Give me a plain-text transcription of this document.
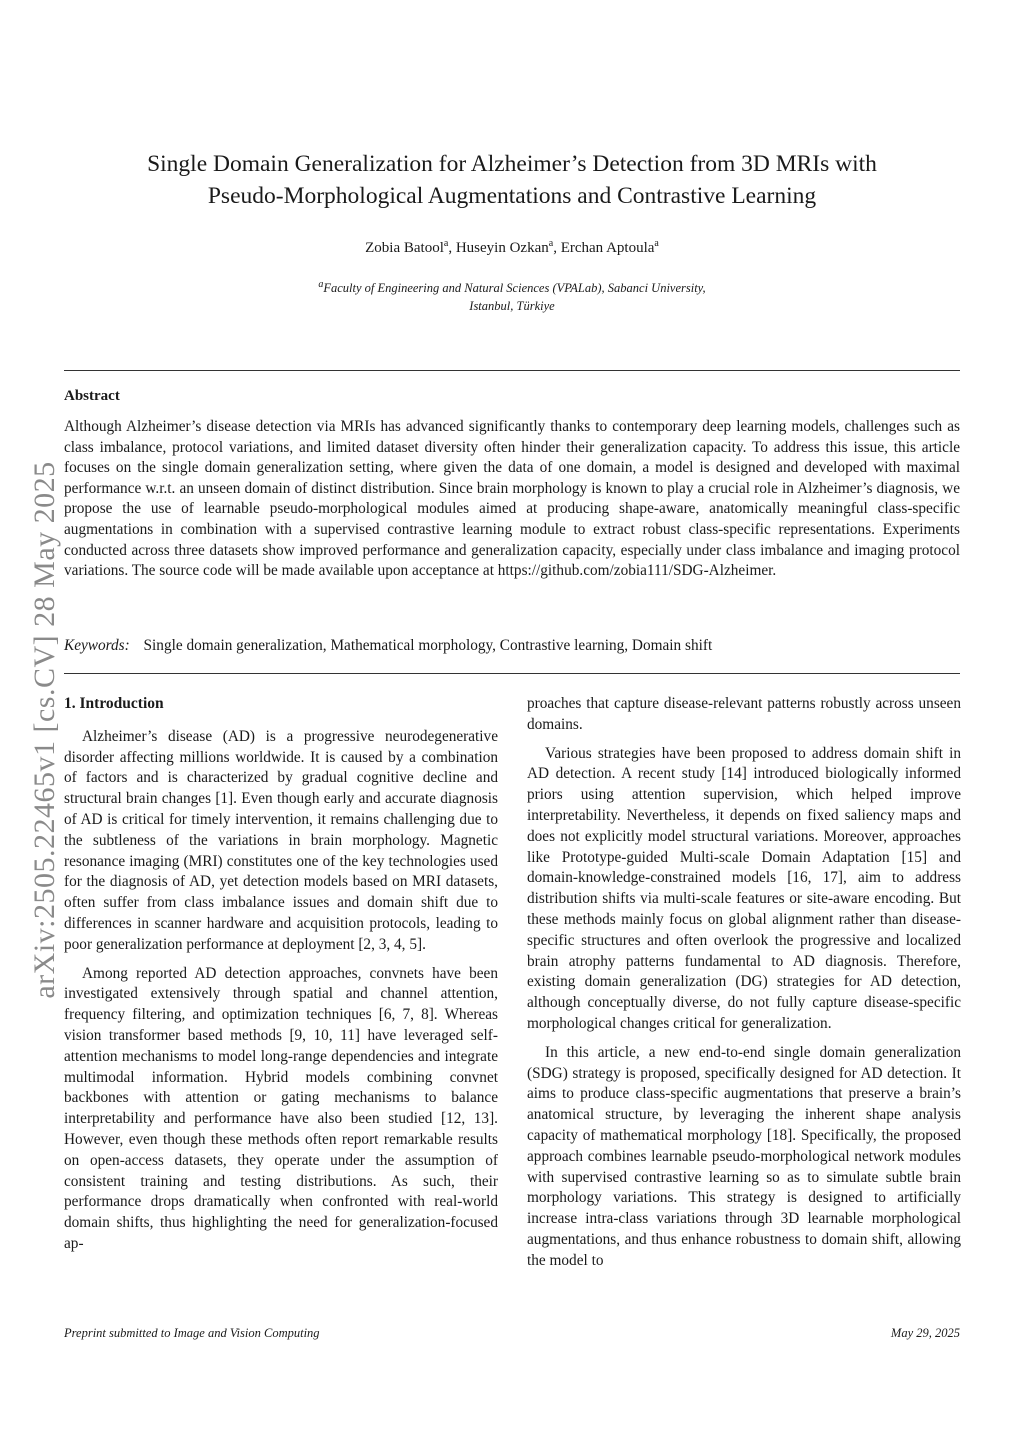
arXiv:2505.22465v1 [cs.CV] 28 May 2025
Single Domain Generalization for Alzheimer’s Detection from 3D MRIs with
Pseudo-Morphological Augmentations and Contrastive Learning
Zobia Batool$^a$, Huseyin Ozkan$^a$, Erchan Aptoula$^a$
$^a$Faculty of Engineering and Natural Sciences (VPALab), Sabanci University,
Istanbul, Türkiye
Abstract
Although Alzheimer’s disease detection via MRIs has advanced significantly thanks to contemporary deep learning models, challenges such as class imbalance, protocol variations, and limited dataset diversity often hinder their generalization capacity. To address this issue, this article focuses on the single domain generalization setting, where given the data of one domain, a model is designed and developed with maximal performance w.r.t. an unseen domain of distinct distribution. Since brain morphology is known to play a crucial role in Alzheimer’s diagnosis, we propose the use of learnable pseudo-morphological modules aimed at producing shape-aware, anatomically meaningful class-specific augmentations in combination with a supervised contrastive learning module to extract robust class-specific representations. Experiments conducted across three datasets show improved performance and generalization capacity, especially under class imbalance and imaging protocol variations. The source code will be made available upon acceptance at https://github.com/zobia111/SDG-Alzheimer.
Keywords: Single domain generalization, Mathematical morphology, Contrastive learning, Domain shift
1. Introduction

Alzheimer’s disease (AD) is a progressive neurodegenerative disorder affecting millions worldwide. It is caused by a combination of factors and is characterized by gradual cognitive decline and structural brain changes [1]. Even though early and accurate diagnosis of AD is critical for timely intervention, it remains challenging due to the subtleness of the variations in brain morphology. Magnetic resonance imaging (MRI) constitutes one of the key technologies used for the diagnosis of AD, yet detection models based on MRI datasets, often suffer from class imbalance issues and domain shift due to differences in scanner hardware and acquisition protocols, leading to poor generalization performance at deployment [2, 3, 4, 5].

Among reported AD detection approaches, convnets have been investigated extensively through spatial and channel attention, frequency filtering, and optimization techniques [6, 7, 8]. Whereas vision transformer based methods [9, 10, 11] have leveraged self-attention mechanisms to model long-range dependencies and integrate multimodal information. Hybrid models combining convnet backbones with attention or gating mechanisms to balance interpretability and performance have also been studied [12, 13]. However, even though these methods often report remarkable results on open-access datasets, they operate under the assumption of consistent training and testing distributions. As such, their performance drops dramatically when confronted with real-world domain shifts, thus highlighting the need for generalization-focused ap-

proaches that capture disease-relevant patterns robustly across unseen domains.

Various strategies have been proposed to address domain shift in AD detection. A recent study [14] introduced biologically informed priors using attention supervision, which helped improve interpretability. Nevertheless, it depends on fixed saliency maps and does not explicitly model structural variations. Moreover, approaches like Prototype-guided Multi-scale Domain Adaptation [15] and domain-knowledge-constrained models [16, 17], aim to address distribution shifts via multi-scale features or site-aware encoding. But these methods mainly focus on global alignment rather than disease-specific structures and often overlook the progressive and localized brain atrophy patterns fundamental to AD diagnosis. Therefore, existing domain generalization (DG) strategies for AD detection, although conceptually diverse, do not fully capture disease-specific morphological changes critical for generalization.

In this article, a new end-to-end single domain generalization (SDG) strategy is proposed, specifically designed for AD detection. It aims to produce class-specific augmentations that preserve a brain’s anatomical structure, by leveraging the inherent shape analysis capacity of mathematical morphology [18]. Specifically, the proposed approach combines learnable pseudo-morphological network modules with supervised contrastive learning so as to simulate subtle brain morphology variations. This strategy is designed to artificially increase intra-class variations through 3D learnable morphological augmentations, and thus enhance robustness to domain shift, allowing the model to

Preprint submitted to Image and Vision Computing	May 29, 2025
